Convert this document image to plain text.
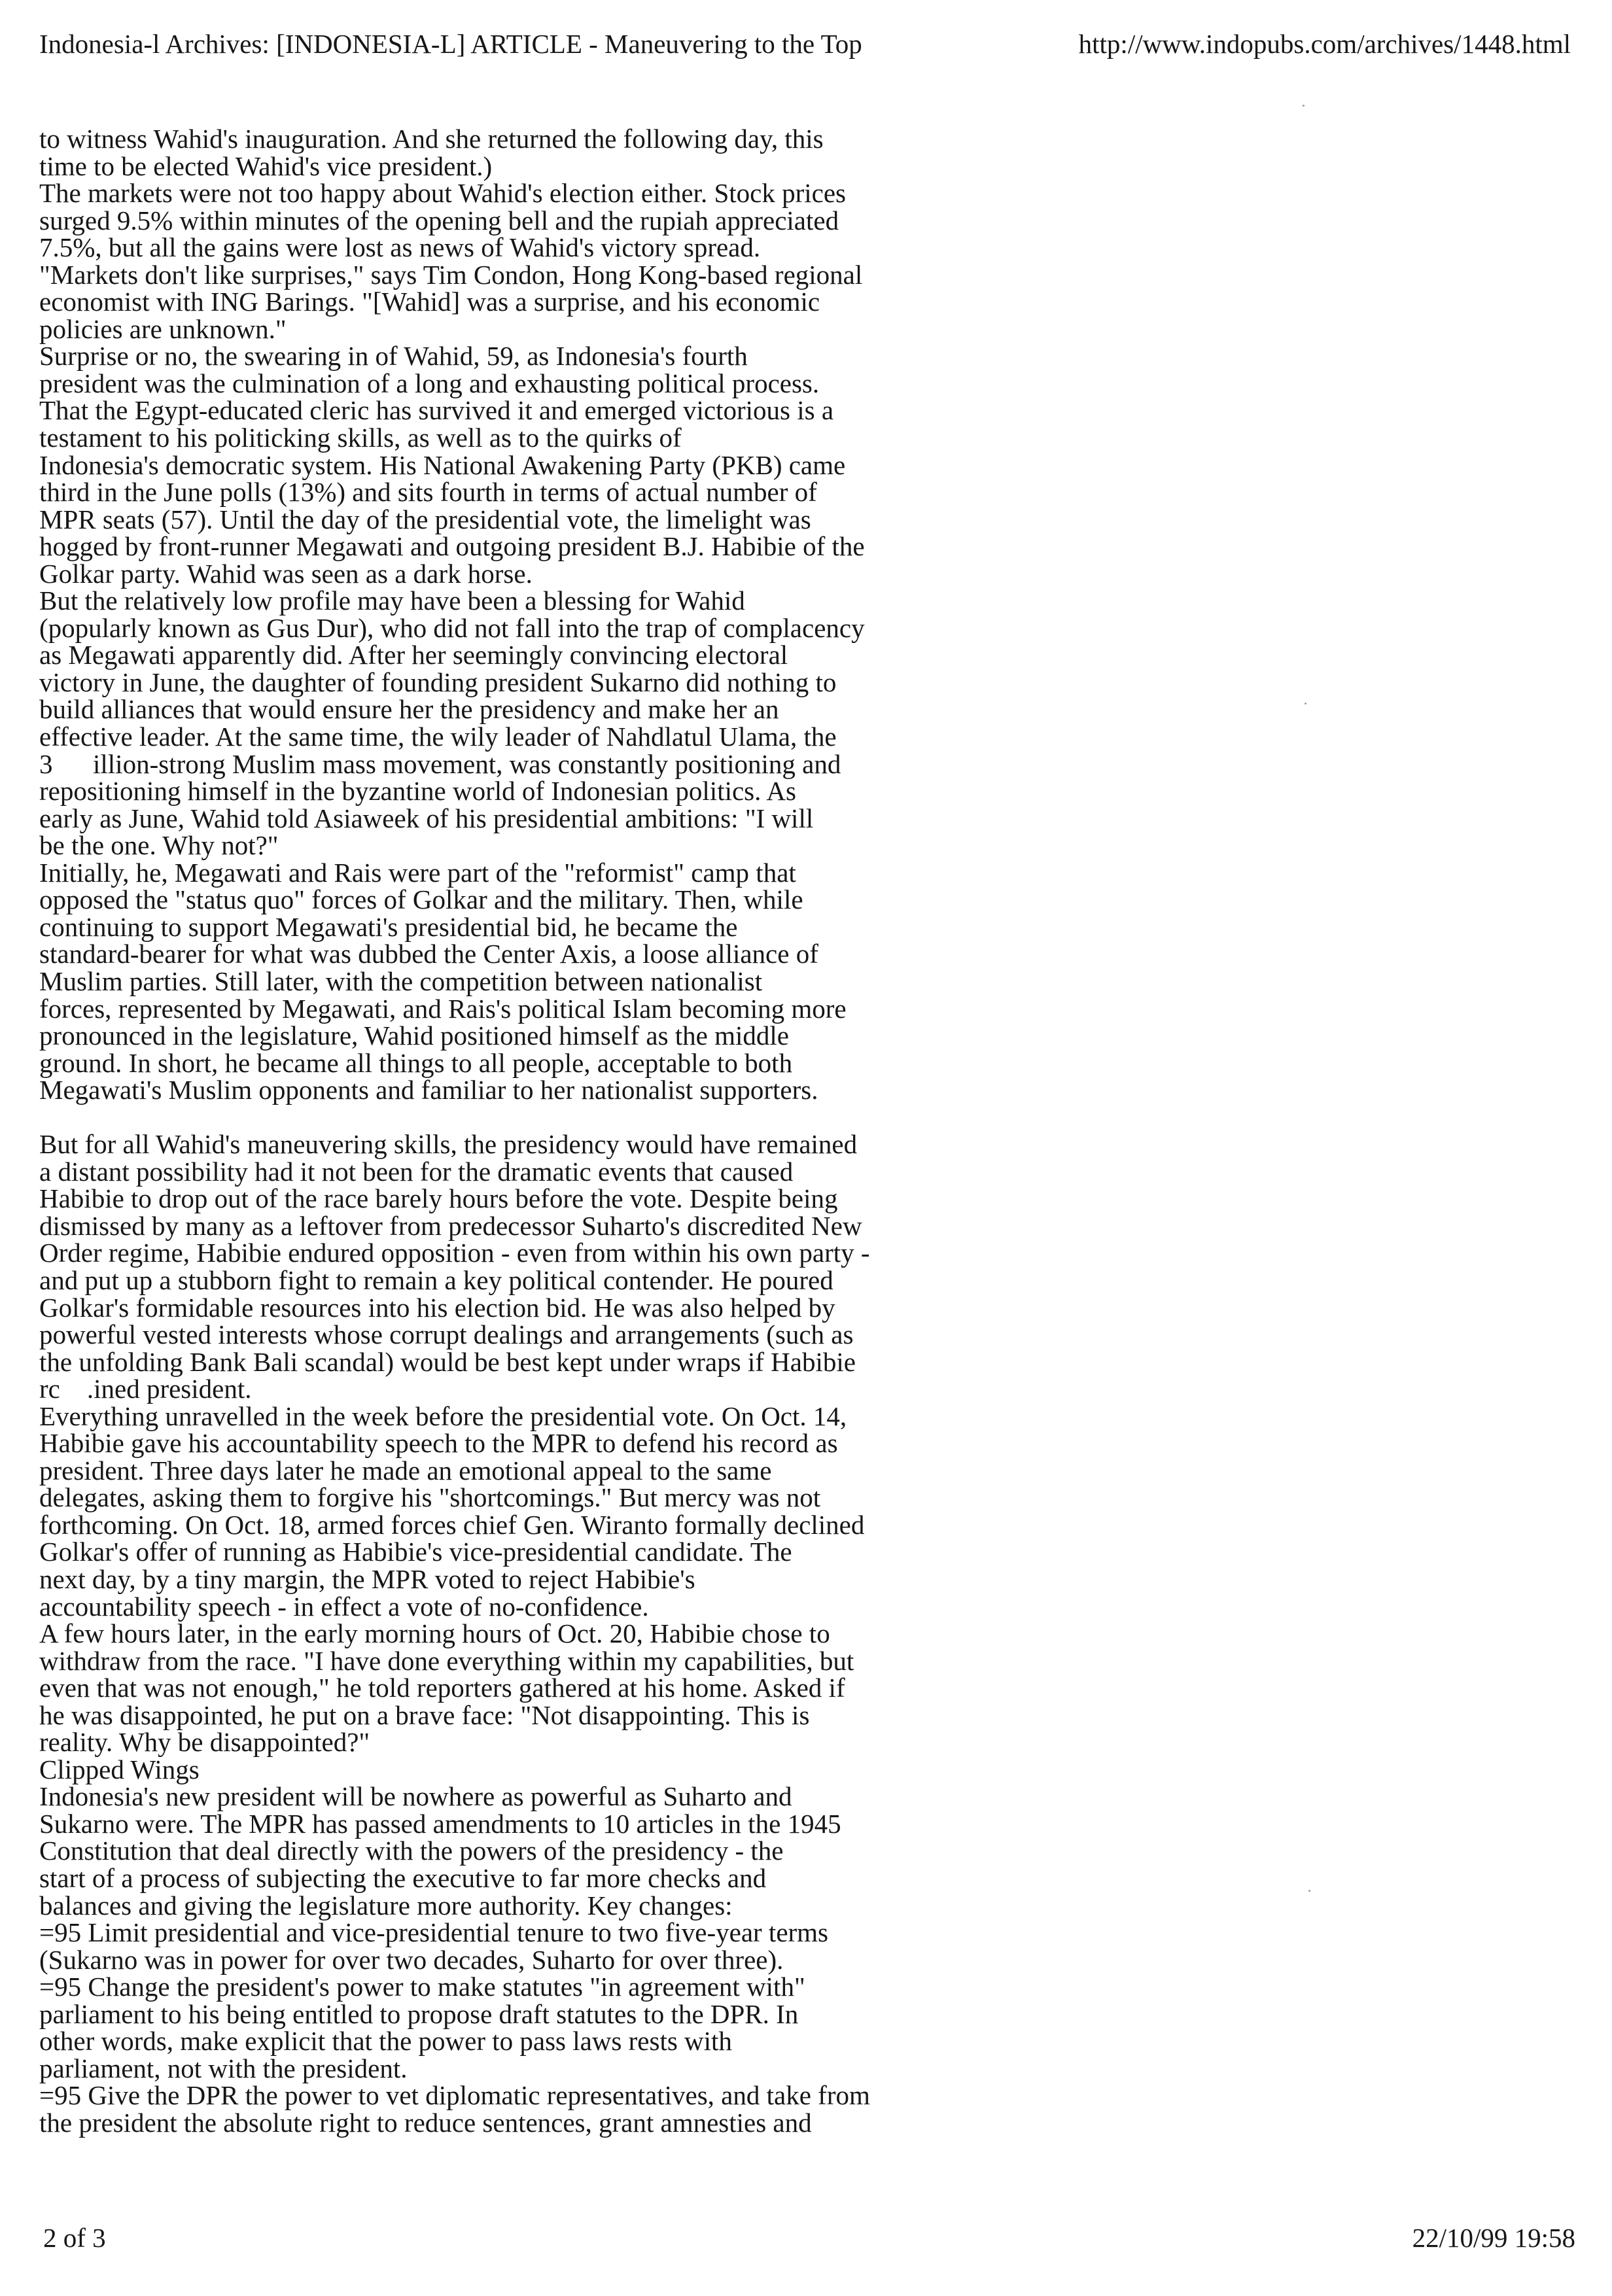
Indonesia-l Archives: [INDONESIA-L] ARTICLE - Maneuvering to the Top	http://www.indopubs.com/archives/1448.html
to witness Wahid's inauguration. And she returned the following day, this
time to be elected Wahid's vice president.)
The markets were not too happy about Wahid's election either. Stock prices
surged 9.5% within minutes of the opening bell and the rupiah appreciated
7.5%, but all the gains were lost as news of Wahid's victory spread.
"Markets don't like surprises," says Tim Condon, Hong Kong-based regional
economist with ING Barings. "[Wahid] was a surprise, and his economic
policies are unknown."
Surprise or no, the swearing in of Wahid, 59, as Indonesia's fourth
president was the culmination of a long and exhausting political process.
That the Egypt-educated cleric has survived it and emerged victorious is a
testament to his politicking skills, as well as to the quirks of
Indonesia's democratic system. His National Awakening Party (PKB) came
third in the June polls (13%) and sits fourth in terms of actual number of
MPR seats (57). Until the day of the presidential vote, the limelight was
hogged by front-runner Megawati and outgoing president B.J. Habibie of the
Golkar party. Wahid was seen as a dark horse.
But the relatively low profile may have been a blessing for Wahid
(popularly known as Gus Dur), who did not fall into the trap of complacency
as Megawati apparently did. After her seemingly convincing electoral
victory in June, the daughter of founding president Sukarno did nothing to
build alliances that would ensure her the presidency and make her an
effective leader. At the same time, the wily leader of Nahdlatul Ulama, the
3      illion-strong Muslim mass movement, was constantly positioning and
repositioning himself in the byzantine world of Indonesian politics. As
early as June, Wahid told Asiaweek of his presidential ambitions: "I will
be the one. Why not?"
Initially, he, Megawati and Rais were part of the "reformist" camp that
opposed the "status quo" forces of Golkar and the military. Then, while
continuing to support Megawati's presidential bid, he became the
standard-bearer for what was dubbed the Center Axis, a loose alliance of
Muslim parties. Still later, with the competition between nationalist
forces, represented by Megawati, and Rais's political Islam becoming more
pronounced in the legislature, Wahid positioned himself as the middle
ground. In short, he became all things to all people, acceptable to both
Megawati's Muslim opponents and familiar to her nationalist supporters.
But for all Wahid's maneuvering skills, the presidency would have remained
a distant possibility had it not been for the dramatic events that caused
Habibie to drop out of the race barely hours before the vote. Despite being
dismissed by many as a leftover from predecessor Suharto's discredited New
Order regime, Habibie endured opposition - even from within his own party -
and put up a stubborn fight to remain a key political contender. He poured
Golkar's formidable resources into his election bid. He was also helped by
powerful vested interests whose corrupt dealings and arrangements (such as
the unfolding Bank Bali scandal) would be best kept under wraps if Habibie
rc    .ined president.
Everything unravelled in the week before the presidential vote. On Oct. 14,
Habibie gave his accountability speech to the MPR to defend his record as
president. Three days later he made an emotional appeal to the same
delegates, asking them to forgive his "shortcomings." But mercy was not
forthcoming. On Oct. 18, armed forces chief Gen. Wiranto formally declined
Golkar's offer of running as Habibie's vice-presidential candidate. The
next day, by a tiny margin, the MPR voted to reject Habibie's
accountability speech - in effect a vote of no-confidence.
A few hours later, in the early morning hours of Oct. 20, Habibie chose to
withdraw from the race. "I have done everything within my capabilities, but
even that was not enough," he told reporters gathered at his home. Asked if
he was disappointed, he put on a brave face: "Not disappointing. This is
reality. Why be disappointed?"
Clipped Wings
Indonesia's new president will be nowhere as powerful as Suharto and
Sukarno were. The MPR has passed amendments to 10 articles in the 1945
Constitution that deal directly with the powers of the presidency - the
start of a process of subjecting the executive to far more checks and
balances and giving the legislature more authority. Key changes:
=95 Limit presidential and vice-presidential tenure to two five-year terms
(Sukarno was in power for over two decades, Suharto for over three).
=95 Change the president's power to make statutes "in agreement with"
parliament to his being entitled to propose draft statutes to the DPR. In
other words, make explicit that the power to pass laws rests with
parliament, not with the president.
=95 Give the DPR the power to vet diplomatic representatives, and take from
the president the absolute right to reduce sentences, grant amnesties and
2 of 3	22/10/99 19:58
